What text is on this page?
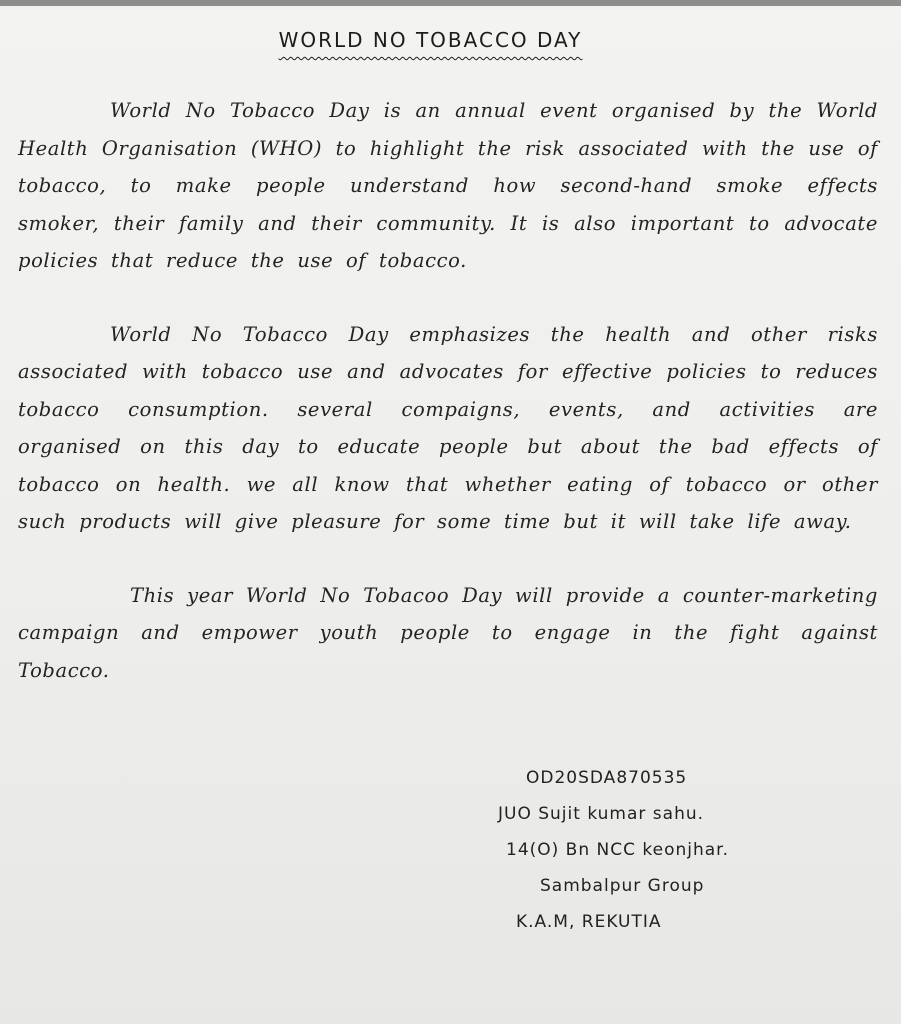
WORLD NO TOBACCO DAY

World No Tobacco Day is an annual event organised by the World Health Organisation (WHO) to highlight the risk associated with the use of tobacco, to make people understand how second-hand smoke effects smoker, their family and their community. It is also important to advocate policies that reduce the use of tobacco.

World No Tobacco Day emphasizes the health and other risks associated with tobacco use and advocates for effective policies to reduces tobacco consumption. several compaigns, events, and activities are organised on this day to educate people but about the bad effects of tobacco on health. we all know that whether eating of tobacco or other such products will give pleasure for some time but it will take life away.

This year World No Tobacoo Day will provide a counter-marketing campaign and empower youth people to engage in the fight against Tobacco.

OD20SDA870535
JUO Sujit kumar sahu.
14(O) Bn NCC keonjhar.
Sambalpur Group
K.A.M, REKUTIA
